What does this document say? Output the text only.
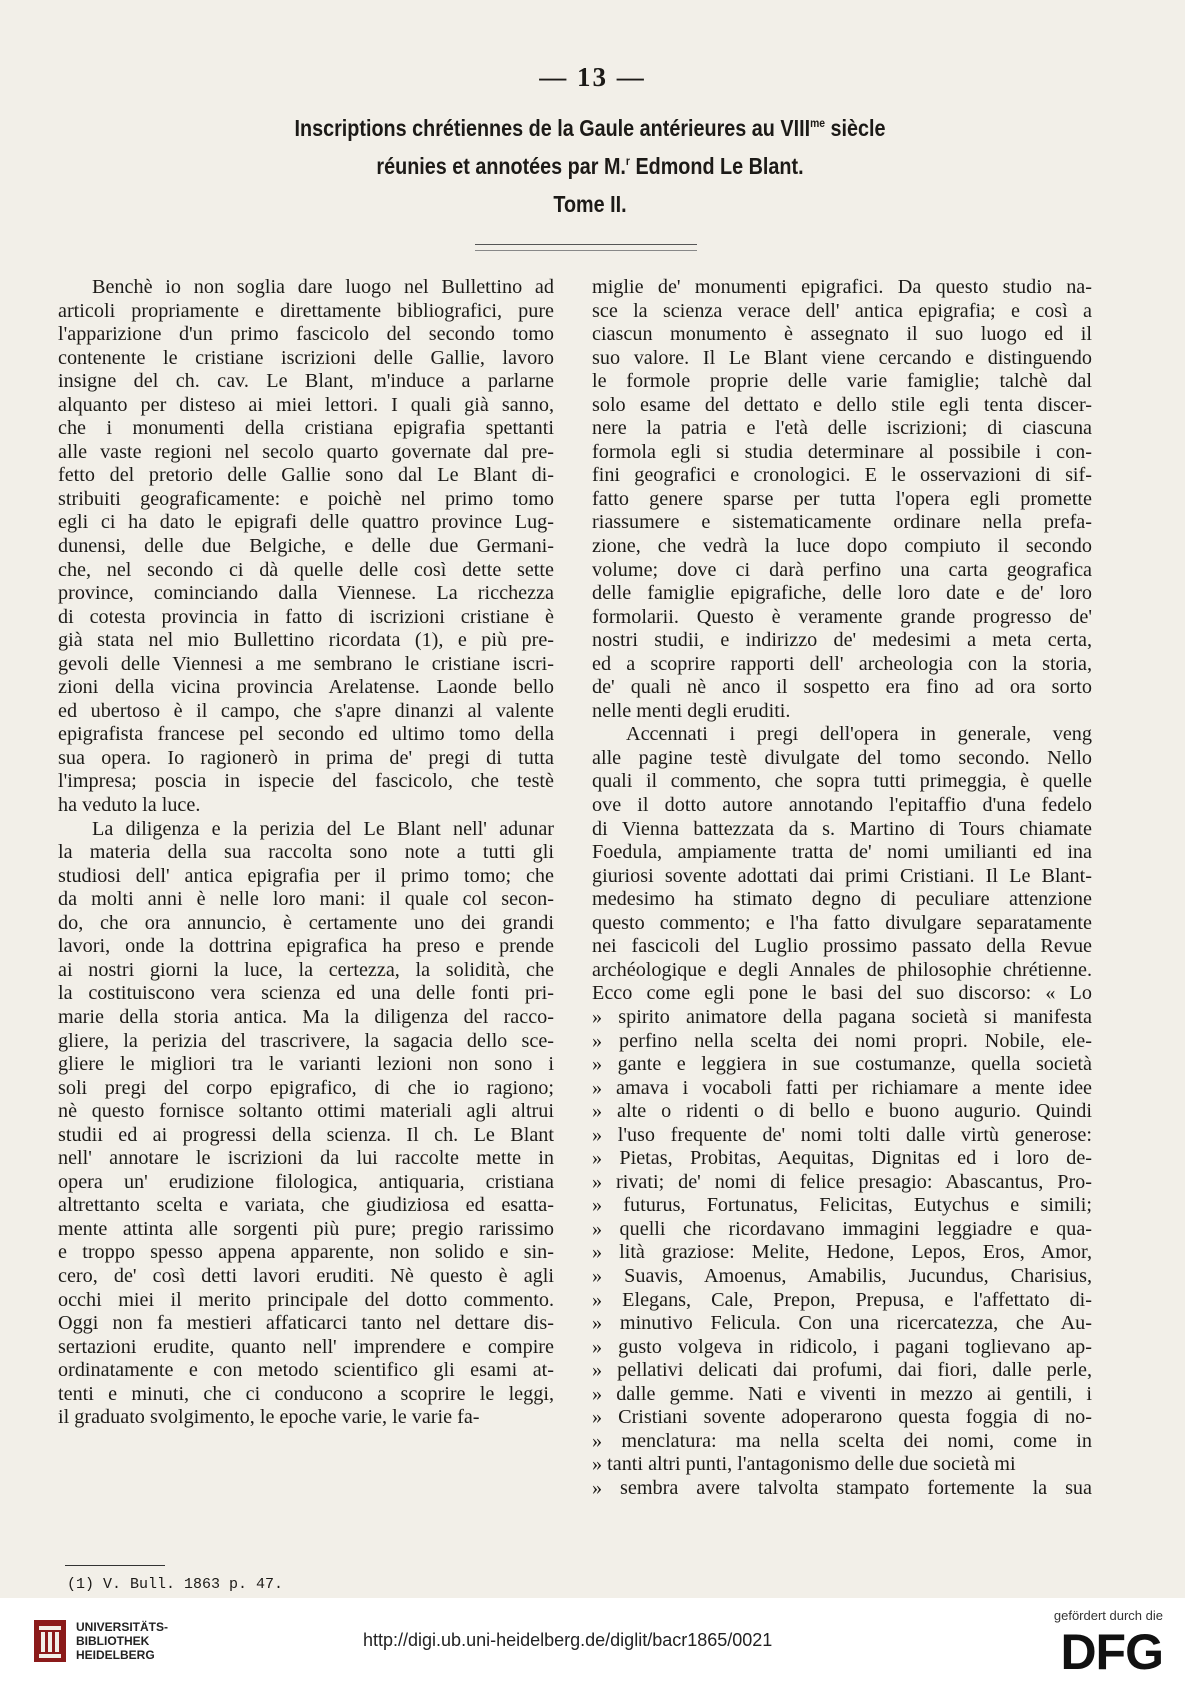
— 13 —
Inscriptions chrétiennes de la Gaule antérieures au $VIII^{me}$ siècle
réunies et annotées par M.$^r$ Edmond Le Blant.
Tome II.
Benchè io non soglia dare luogo nel Bullettino ad
articoli propriamente e direttamente bibliografici, pure
l'apparizione d'un primo fascicolo del secondo tomo
contenente le cristiane iscrizioni delle Gallie, lavoro
insigne del ch. cav. Le Blant, m'induce a parlarne
alquanto per disteso ai miei lettori. I quali già sanno,
che i monumenti della cristiana epigrafia spettanti
alle vaste regioni nel secolo quarto governate dal pre-
fetto del pretorio delle Gallie sono dal Le Blant di-
stribuiti geograficamente: e poichè nel primo tomo
egli ci ha dato le epigrafi delle quattro province Lug-
dunensi, delle due Belgiche, e delle due Germani-
che, nel secondo ci dà quelle delle così dette sette
province, cominciando dalla Viennese. La ricchezza
di cotesta provincia in fatto di iscrizioni cristiane è
già stata nel mio Bullettino ricordata (1), e più pre-
gevoli delle Viennesi a me sembrano le cristiane iscri-
zioni della vicina provincia Arelatense. Laonde bello
ed ubertoso è il campo, che s'apre dinanzi al valente
epigrafista francese pel secondo ed ultimo tomo della
sua opera. Io ragionerò in prima de' pregi di tutta
l'impresa; poscia in ispecie del fascicolo, che testè
ha veduto la luce.
La diligenza e la perizia del Le Blant nell' adunar
la materia della sua raccolta sono note a tutti gli
studiosi dell' antica epigrafia per il primo tomo; che
da molti anni è nelle loro mani: il quale col secon-
do, che ora annuncio, è certamente uno dei grandi
lavori, onde la dottrina epigrafica ha preso e prende
ai nostri giorni la luce, la certezza, la solidità, che
la costituiscono vera scienza ed una delle fonti pri-
marie della storia antica. Ma la diligenza del racco-
gliere, la perizia del trascrivere, la sagacia dello sce-
gliere le migliori tra le varianti lezioni non sono i
soli pregi del corpo epigrafico, di che io ragiono;
nè questo fornisce soltanto ottimi materiali agli altrui
studii ed ai progressi della scienza. Il ch. Le Blant
nell' annotare le iscrizioni da lui raccolte mette in
opera un' erudizione filologica, antiquaria, cristiana
altrettanto scelta e variata, che giudiziosa ed esatta-
mente attinta alle sorgenti più pure; pregio rarissimo
e troppo spesso appena apparente, non solido e sin-
cero, de' così detti lavori eruditi. Nè questo è agli
occhi miei il merito principale del dotto commento.
Oggi non fa mestieri affaticarci tanto nel dettare dis-
sertazioni erudite, quanto nell' imprendere e compire
ordinatamente e con metodo scientifico gli esami at-
tenti e minuti, che ci conducono a scoprire le leggi,
il graduato svolgimento, le epoche varie, le varie fa-
miglie de' monumenti epigrafici. Da questo studio na-
sce la scienza verace dell' antica epigrafia; e così a
ciascun monumento è assegnato il suo luogo ed il
suo valore. Il Le Blant viene cercando e distinguendo
le formole proprie delle varie famiglie; talchè dal
solo esame del dettato e dello stile egli tenta discer-
nere la patria e l'età delle iscrizioni; di ciascuna
formola egli si studia determinare al possibile i con-
fini geografici e cronologici. E le osservazioni di sif-
fatto genere sparse per tutta l'opera egli promette
riassumere e sistematicamente ordinare nella prefa-
zione, che vedrà la luce dopo compiuto il secondo
volume; dove ci darà perfino una carta geografica
delle famiglie epigrafiche, delle loro date e de' loro
formolarii. Questo è veramente grande progresso de'
nostri studii, e indirizzo de' medesimi a meta certa,
ed a scoprire rapporti dell' archeologia con la storia,
de' quali nè anco il sospetto era fino ad ora sorto
nelle menti degli eruditi.
Accennati i pregi dell'opera in generale, veng
alle pagine testè divulgate del tomo secondo. Nello
quali il commento, che sopra tutti primeggia, è quelle
ove il dotto autore annotando l'epitaffio d'una fedelo
di Vienna battezzata da s. Martino di Tours chiamate
Foedula, ampiamente tratta de' nomi umilianti ed ina
giuriosi sovente adottati dai primi Cristiani. Il Le Blant-
medesimo ha stimato degno di peculiare attenzione
questo commento; e l'ha fatto divulgare separatamente
nei fascicoli del Luglio prossimo passato della Revue
archéologique e degli Annales de philosophie chrétienne.
Ecco come egli pone le basi del suo discorso: « Lo
» spirito animatore della pagana società si manifesta
» perfino nella scelta dei nomi propri. Nobile, ele-
» gante e leggiera in sue costumanze, quella società
» amava i vocaboli fatti per richiamare a mente idee
» alte o ridenti o di bello e buono augurio. Quindi
» l'uso frequente de' nomi tolti dalle virtù generose:
» Pietas, Probitas, Aequitas, Dignitas ed i loro de-
» rivati; de' nomi di felice presagio: Abascantus, Pro-
» futurus, Fortunatus, Felicitas, Eutychus e simili;
» quelli che ricordavano immagini leggiadre e qua-
» lità graziose: Melite, Hedone, Lepos, Eros, Amor,
» Suavis, Amoenus, Amabilis, Jucundus, Charisius,
» Elegans, Cale, Prepon, Prepusa, e l'affettato di-
» minutivo Felicula. Con una ricercatezza, che Au-
» gusto volgeva in ridicolo, i pagani toglievano ap-
» pellativi delicati dai profumi, dai fiori, dalle perle,
» dalle gemme. Nati e viventi in mezzo ai gentili, i
» Cristiani sovente adoperarono questa foggia di no-
» menclatura: ma nella scelta dei nomi, come in
» tanti altri punti, l'antagonismo delle due società mi
» sembra avere talvolta stampato fortemente la sua
(1) V. Bull. 1863 p. 47.
UNIVERSITÄTS-
BIBLIOTHEK
HEIDELBERG
http://digi.ub.uni-heidelberg.de/diglit/bacr1865/0021
gefördert durch die
DFG
